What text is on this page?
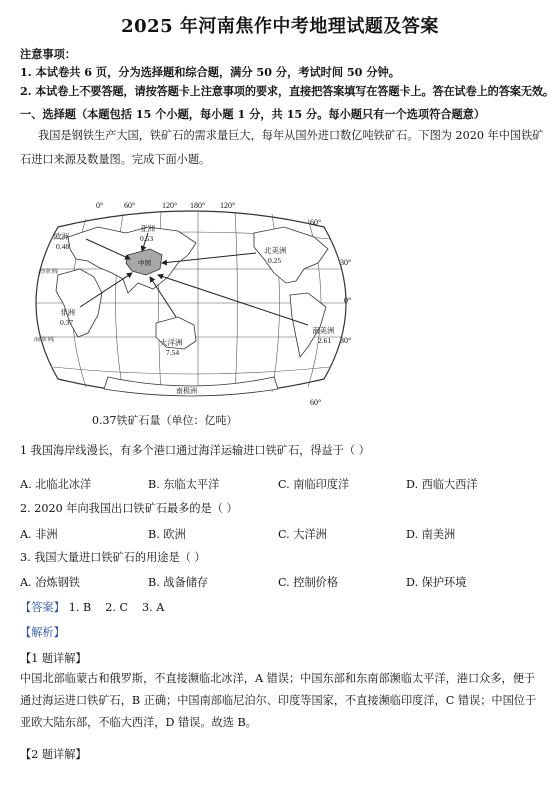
2025 年河南焦作中考地理试题及答案
注意事项：
1. 本试卷共 6 页，分为选择题和综合题，满分 50 分，考试时间 50 分钟。
2. 本试卷上不要答题，请按答题卡上注意事项的要求，直接把答案填写在答题卡上。答在试卷上的答案无效。
一、选择题（本题包括 15 个小题，每小题 1 分，共 15 分。每小题只有一个选项符合题意）
我国是钢铁生产大国，铁矿石的需求量巨大，每年从国外进口数亿吨铁矿石。下图为 2020 年中国铁矿
石进口来源及数量图。完成下面小题。
中国
0°	60°	120° 180° 120°
60°
30°
0°
30°
60°
欧洲
0.48
亚洲
0.53
北美洲
0.25
非洲
0.37
大洋洲
7.54
南美洲
2.61
北回归线
南回归线
南极洲
0.37铁矿石量（单位：亿吨）
1 我国海岸线漫长，有多个港口通过海洋运输进口铁矿石，得益于（ ）
A. 北临北冰洋	B. 东临太平洋	C. 南临印度洋	D. 西临大西洋
2. 2020 年向我国出口铁矿石最多的是（ ）
A. 非洲	B. 欧洲	C. 大洋洲	D. 南美洲
3. 我国大量进口铁矿石的用途是（ ）
A. 冶炼钢铁	B. 战备储存	C. 控制价格	D. 保护环境
【答案】 1. B 2. C 3. A
【解析】
【1 题详解】

中国北部临蒙古和俄罗斯，不直接濒临北冰洋，A 错误；中国东部和东南部濒临太平洋，港口众多，便于通过海运进口铁矿石，B 正确；中国南部临尼泊尔、印度等国家，不直接濒临印度洋，C 错误；中国位于亚欧大陆东部，不临大西洋，D 错误。故选 B。

【2 题详解】
